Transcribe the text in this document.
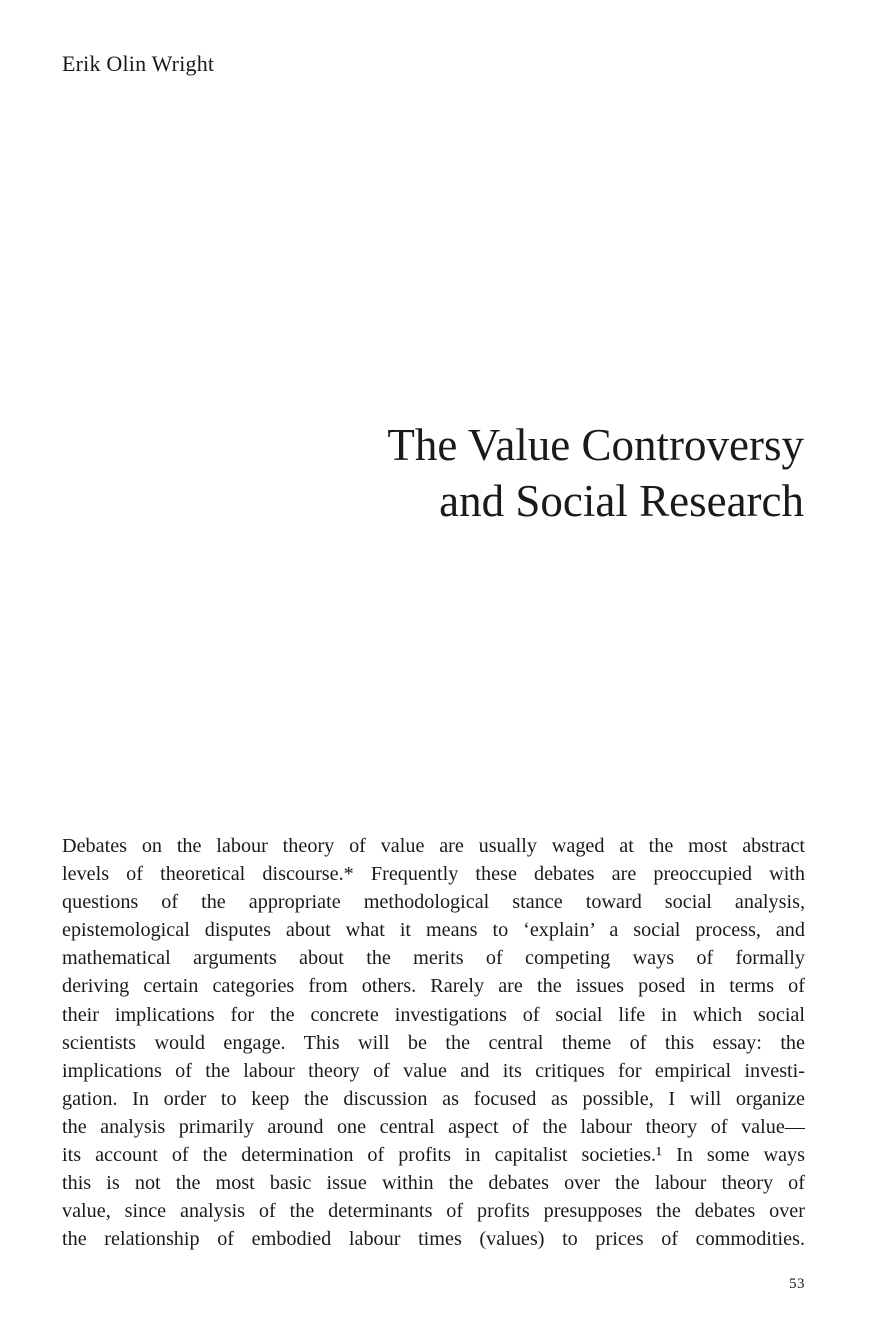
Erik Olin Wright
The Value Controversy
and Social Research
Debates on the labour theory of value are usually waged at the most abstract
levels of theoretical discourse.* Frequently these debates are preoccupied with
questions of the appropriate methodological stance toward social analysis,
epistemological disputes about what it means to ‘explain’ a social process, and
mathematical arguments about the merits of competing ways of formally
deriving certain categories from others. Rarely are the issues posed in terms of
their implications for the concrete investigations of social life in which social
scientists would engage. This will be the central theme of this essay: the
implications of the labour theory of value and its critiques for empirical investi-
gation. In order to keep the discussion as focused as possible, I will organize
the analysis primarily around one central aspect of the labour theory of value—
its account of the determination of profits in capitalist societies.¹ In some ways
this is not the most basic issue within the debates over the labour theory of
value, since analysis of the determinants of profits presupposes the debates over
the relationship of embodied labour times (values) to prices of commodities.
53
